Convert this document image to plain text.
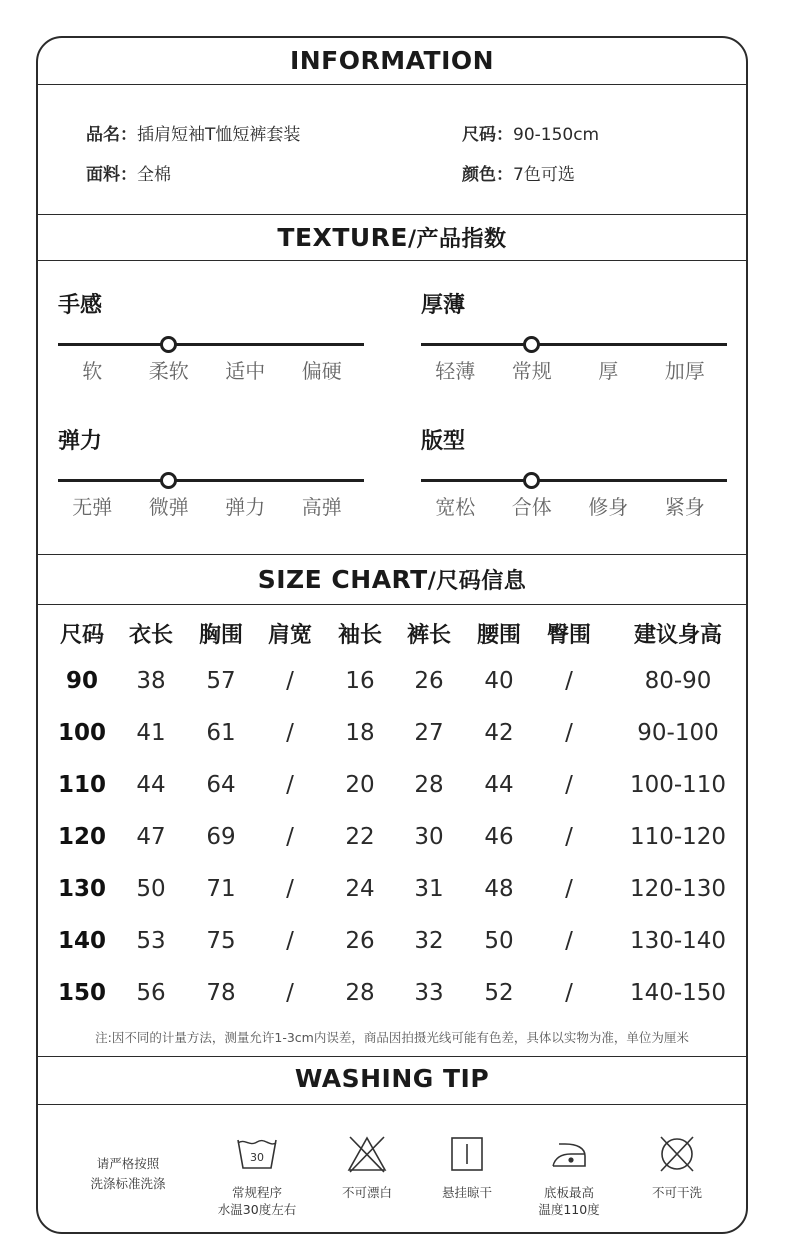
INFORMATION
品名：插肩短袖T恤短裤套装
面料：全棉
尺码：90-150cm
颜色：7色可选
TEXTURE/产品指数
手感
软	柔软	适中	偏硬
厚薄
轻薄	常规	厚	加厚
弹力
无弹	微弹	弹力	高弹
版型
宽松	合体	修身	紧身
SIZE CHART/尺码信息
尺码	衣长	胸围	肩宽	袖长	裤长	腰围	臀围	建议身高
90	38	57	/	16	26	40	/	80-90
100	41	61	/	18	27	42	/	90-100
110	44	64	/	20	28	44	/	100-110
120	47	69	/	22	30	46	/	110-120
130	50	71	/	24	31	48	/	120-130
140	53	75	/	26	32	50	/	130-140
150	56	78	/	28	33	52	/	140-150
注:因不同的计量方法，测量允许1-3cm内误差，商品因拍摄光线可能有色差，具体以实物为准，单位为厘米
WASHING TIP
请严格按照
洗涤标准洗涤
30
常规程序
水温30度左右
不可漂白	悬挂晾干	底板最高
温度110度
不可干洗
